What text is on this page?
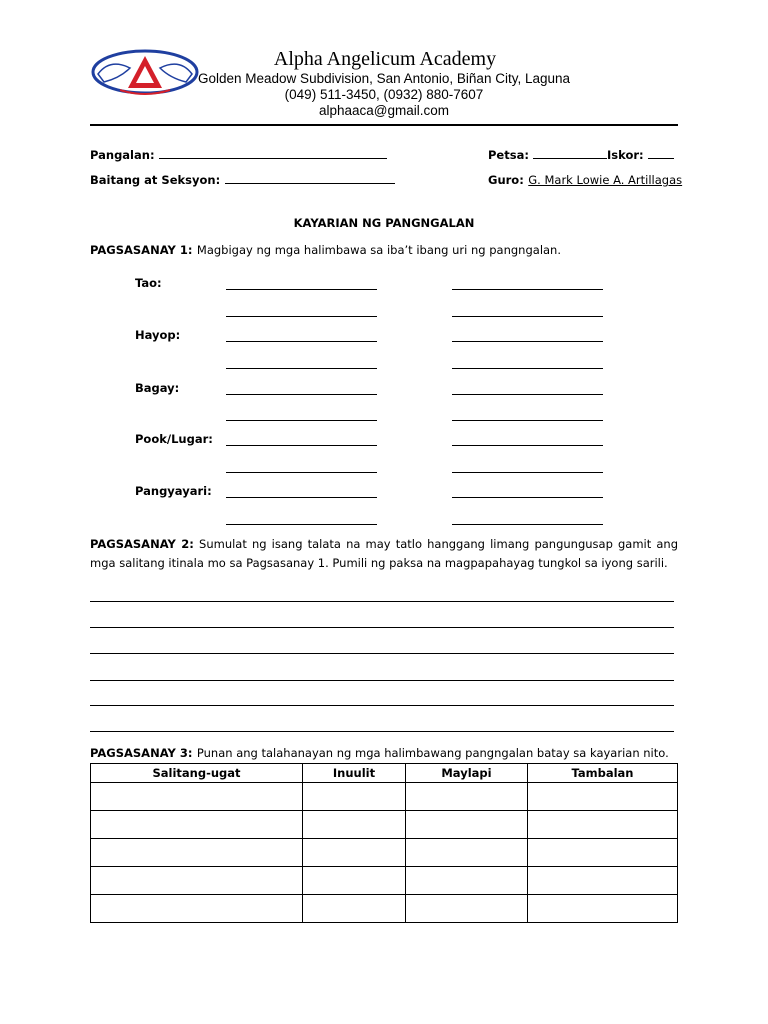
Alpha Angelicum Academy
Golden Meadow Subdivision, San Antonio, Biñan City, Laguna
(049) 511-3450, (0932) 880-7607
alphaaca@gmail.com
Pangalan:	Petsa:	Iskor:
Baitang at Seksyon:	Guro: G. Mark Lowie A. Artillagas
KAYARIAN NG PANGNGALAN
PAGSASANAY 1: Magbigay ng mga halimbawa sa iba’t ibang uri ng pangngalan.
Tao:
Hayop:
Bagay:
Pook/Lugar:
Pangyayari:
PAGSASANAY 2: Sumulat ng isang talata na may tatlo hanggang limang pangungusap gamit ang mga salitang itinala mo sa Pagsasanay 1. Pumili ng paksa na magpapahayag tungkol sa iyong sarili.
PAGSASANAY 3: Punan ang talahanayan ng mga halimbawang pangngalan batay sa kayarian nito.
Salitang-ugat	Inuulit	Maylapi	Tambalan
